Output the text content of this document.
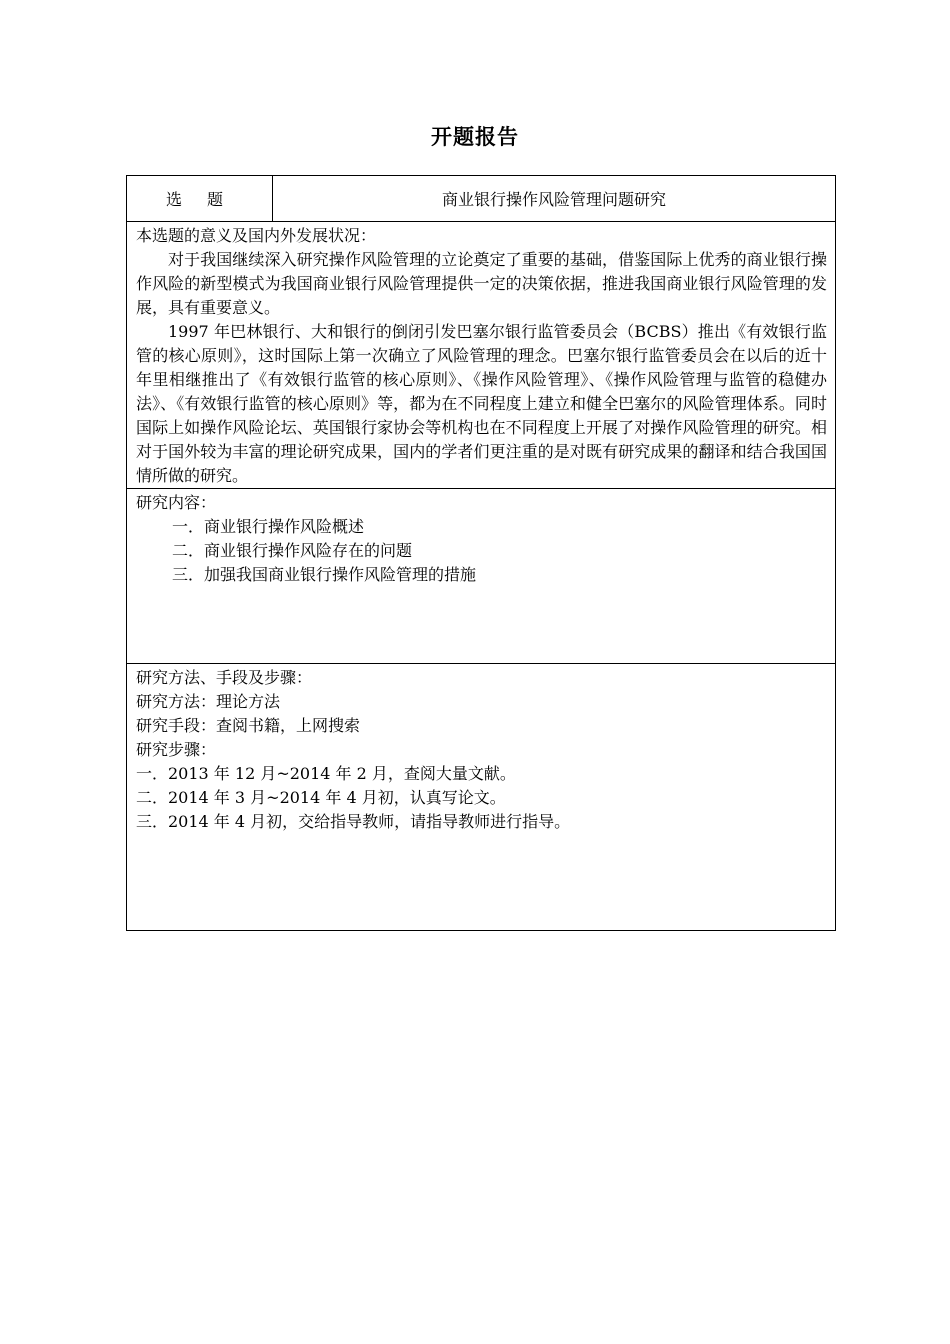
开题报告
选 题	商业银行操作风险管理问题研究

本选题的意义及国内外发展状况：

对于我国继续深入研究操作风险管理的立论奠定了重要的基础，借鉴国际上优秀的商业银行操作风险的新型模式为我国商业银行风险管理提供一定的决策依据，推进我国商业银行风险管理的发展，具有重要意义。

1997 年巴林银行、大和银行的倒闭引发巴塞尔银行监管委员会（BCBS）推出《有效银行监管的核心原则》，这时国际上第一次确立了风险管理的理念。巴塞尔银行监管委员会在以后的近十年里相继推出了《有效银行监管的核心原则》、《操作风险管理》、《操作风险管理与监管的稳健办法》、《有效银行监管的核心原则》等，都为在不同程度上建立和健全巴塞尔的风险管理体系。同时国际上如操作风险论坛、英国银行家协会等机构也在不同程度上开展了对操作风险管理的研究。相对于国外较为丰富的理论研究成果，国内的学者们更注重的是对既有研究成果的翻译和结合我国国情所做的研究。

研究内容：

一．商业银行操作风险概述

二．商业银行操作风险存在的问题

三．加强我国商业银行操作风险管理的措施

研究方法、手段及步骤：

研究方法：理论方法

研究手段：查阅书籍，上网搜索

研究步骤：

一．2013 年 12 月~2014 年 2 月，查阅大量文献。

二．2014 年 3 月~2014 年 4 月初，认真写论文。

三．2014 年 4 月初，交给指导教师，请指导教师进行指导。
